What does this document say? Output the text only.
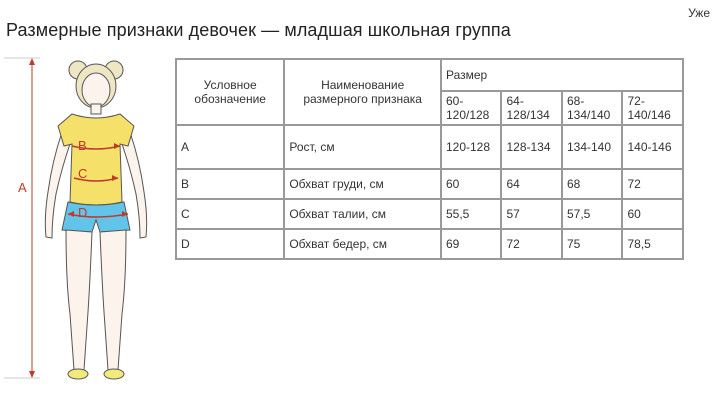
Уже
Размерные признаки девочек — младшая школьная группа
A
B
C
D
Условное обозначение	Наименование размерного признака	Размер			
		60-120/128	64-128/134	68-134/140	72-140/146
A	Рост, см	120-128	128-134	134-140	140-146
B	Обхват груди, см	60	64	68	72
C	Обхват талии, см	55,5	57	57,5	60
D	Обхват бедер, см	69	72	75	78,5
